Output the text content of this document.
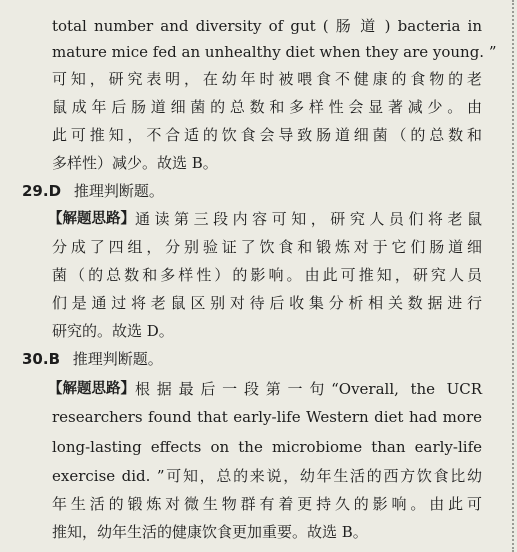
total number and diversity of gut ( 肠 道 ) bacteria in
mature mice fed an unhealthy diet when they are young. ”
可知，研究表明，在幼年时被喂食不健康的食物的老
鼠成年后肠道细菌的总数和多样性会显著减少。由
此可推知，不合适的饮食会导致肠道细菌（的总数和
多样性）减少。故选 B。
29.D 推理判断题。
【解题思路】 通读第三段内容可知，研究人员们将老鼠
分成了四组，分别验证了饮食和锻炼对于它们肠道细
菌（的总数和多样性）的影响。由此可推知，研究人员
们是通过将老鼠区别对待后收集分析相关数据进行
研究的。故选 D。
30.B 推理判断题。
【解题思路】 根据最后一段第一句“Overall, the UCR
researchers found that early-life Western diet had more
long-lasting effects on the microbiome than early-life
exercise did. ”可知，总的来说，幼年生活的西方饮食比幼
年生活的锻炼对微生物群有着更持久的影响。由此可
推知，幼年生活的健康饮食更加重要。故选 B。
